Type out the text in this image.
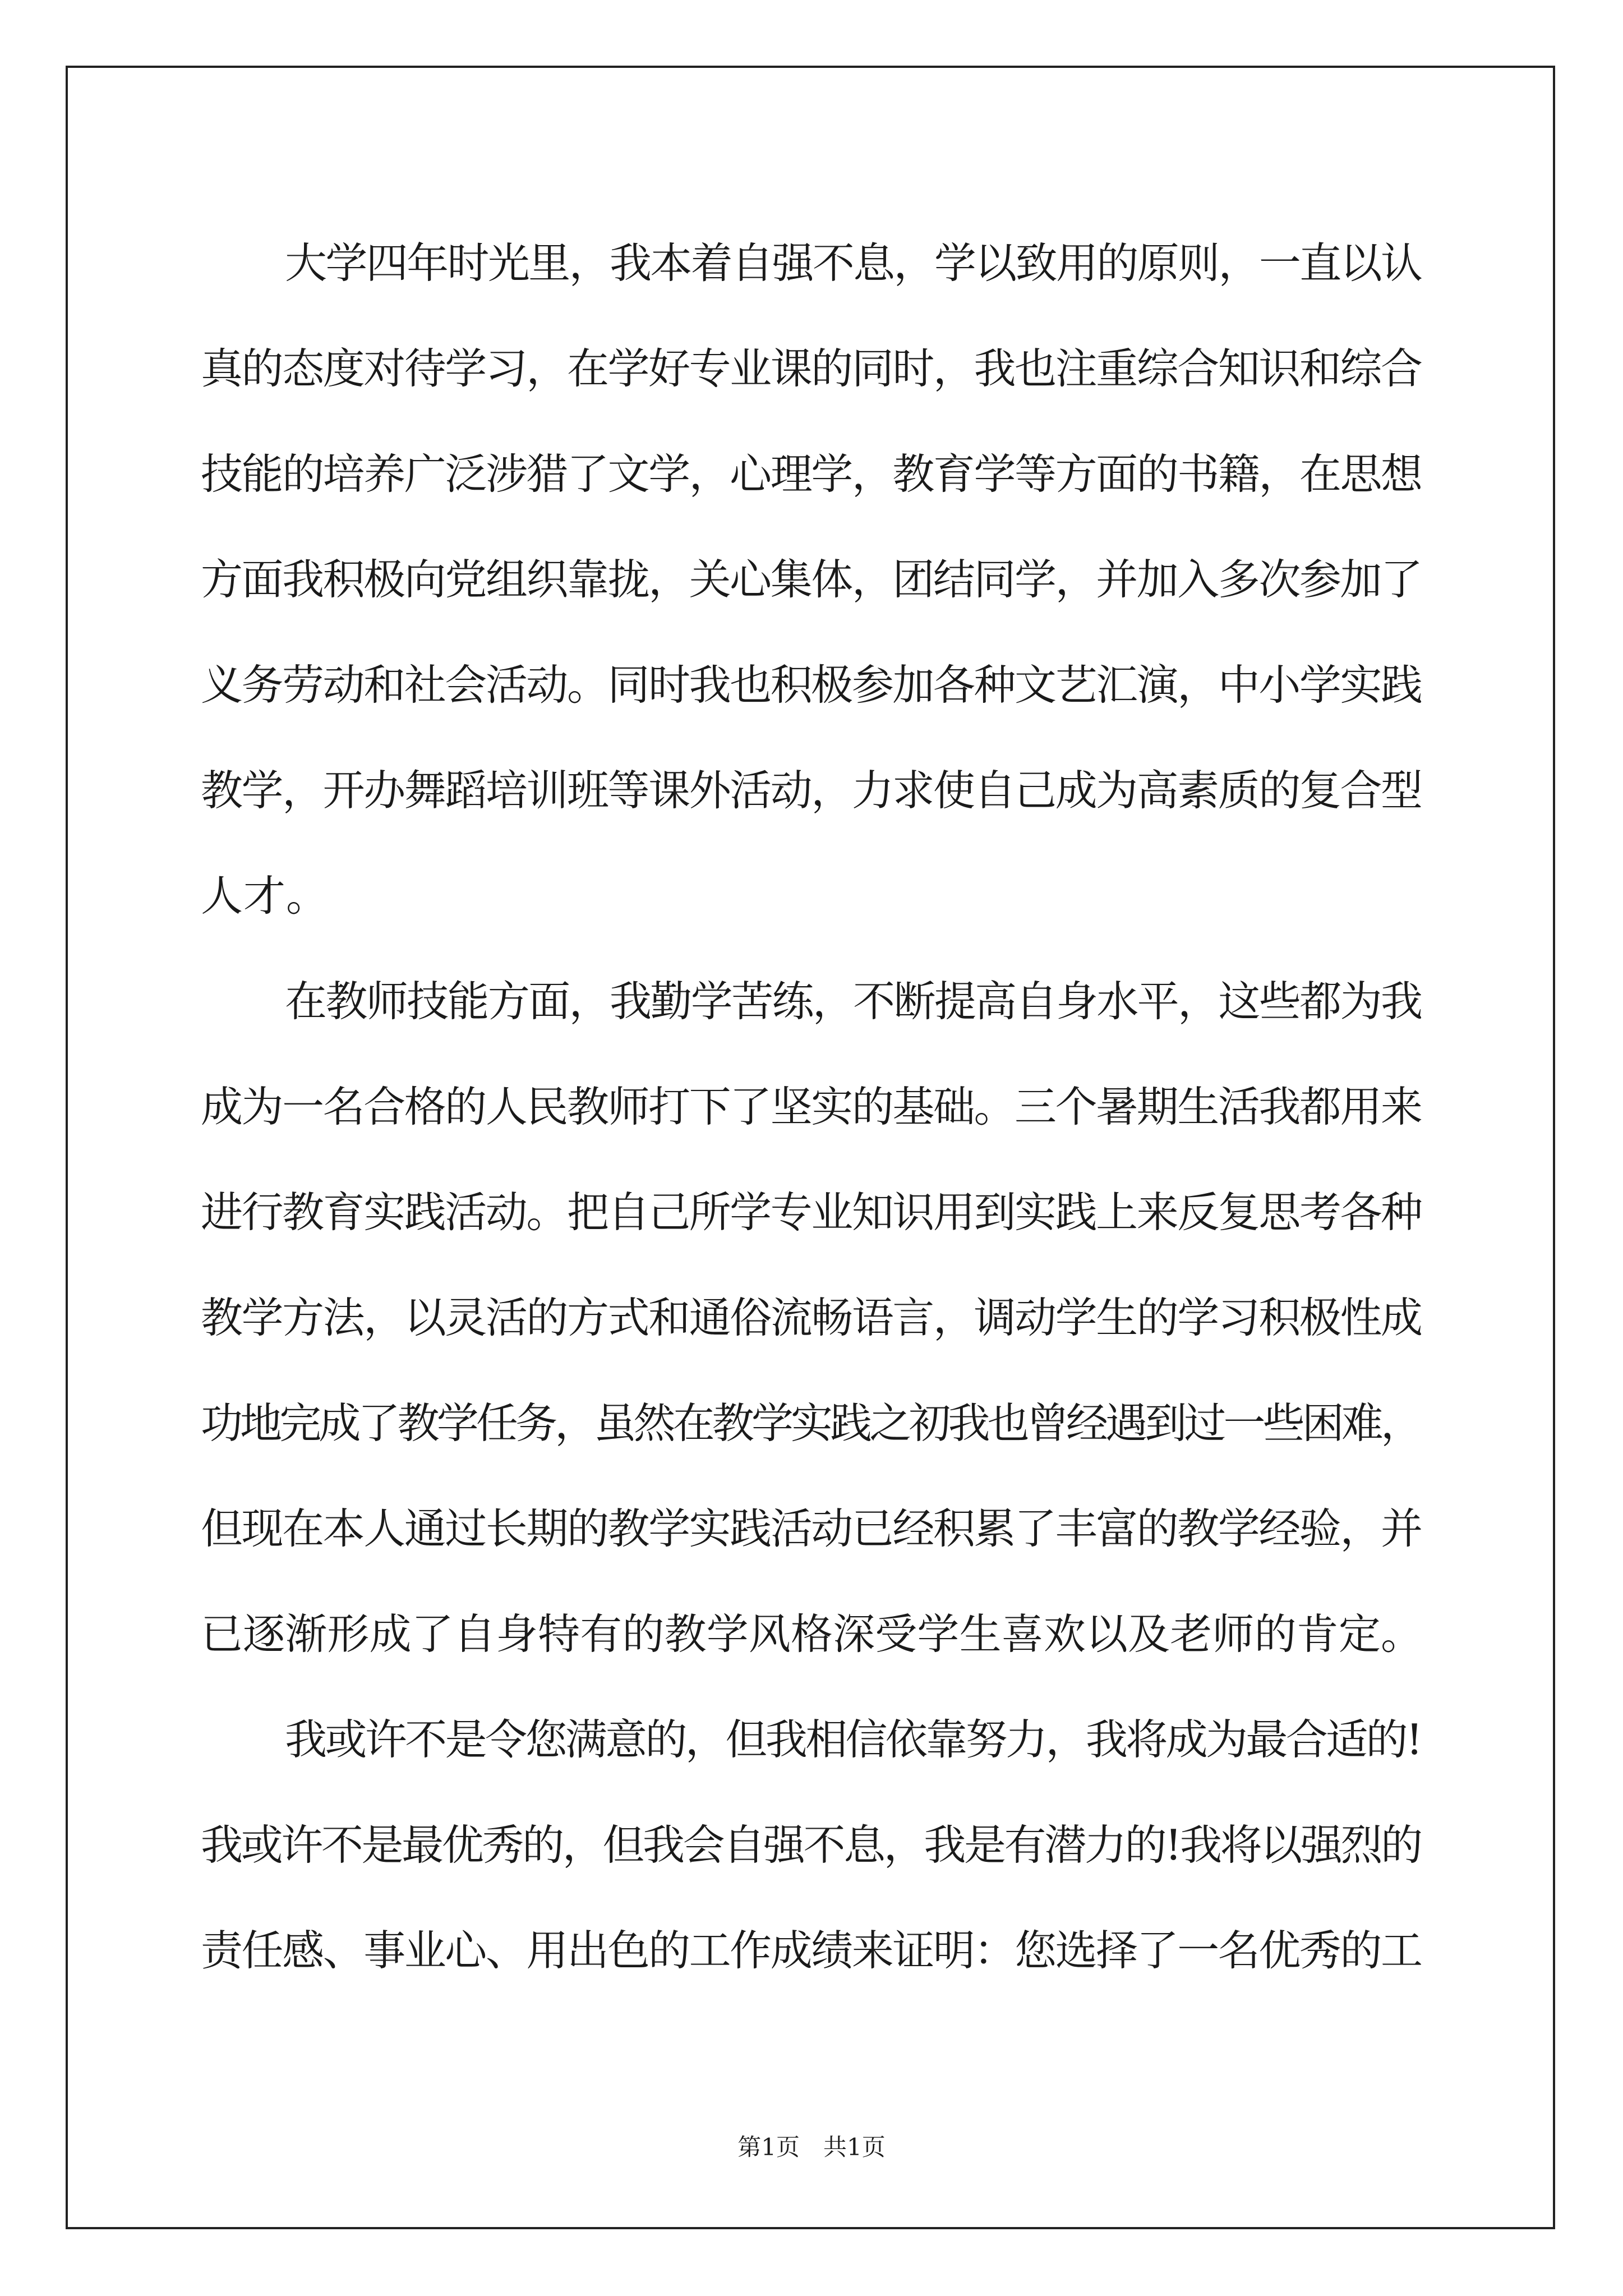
大学四年时光里，我本着自强不息，学以致用的原则，一直以认
真的态度对待学习，在学好专业课的同时，我也注重综合知识和综合
技能的培养广泛涉猎了文学，心理学，教育学等方面的书籍，在思想
方面我积极向党组织靠拢，关心集体，团结同学，并加入多次参加了
义务劳动和社会活动。同时我也积极参加各种文艺汇演，中小学实践
教学，开办舞蹈培训班等课外活动，力求使自己成为高素质的复合型
人才。
在教师技能方面，我勤学苦练，不断提高自身水平，这些都为我
成为一名合格的人民教师打下了坚实的基础。三个暑期生活我都用来
进行教育实践活动。把自己所学专业知识用到实践上来反复思考各种
教学方法，以灵活的方式和通俗流畅语言，调动学生的学习积极性成
功地完成了教学任务，虽然在教学实践之初我也曾经遇到过一些困难，
但现在本人通过长期的教学实践活动已经积累了丰富的教学经验，并
已逐渐形成了自身特有的教学风格深受学生喜欢以及老师的肯定。
我或许不是令您满意的，但我相信依靠努力，我将成为最合适的!
我或许不是最优秀的，但我会自强不息，我是有潜力的!我将以强烈的
责任感、事业心、用出色的工作成绩来证明：您选择了一名优秀的工
第1页　共1页
